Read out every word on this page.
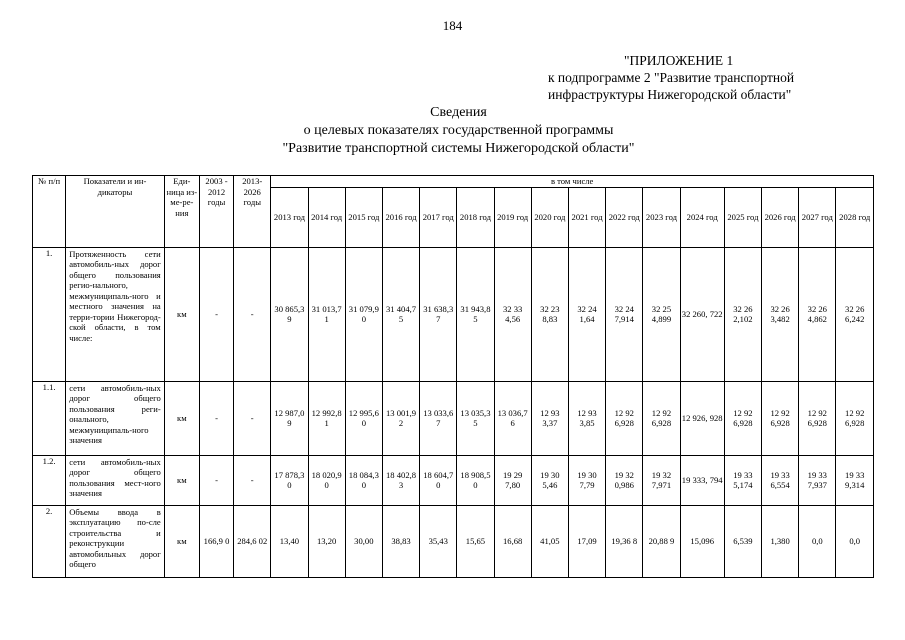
184
"ПРИЛОЖЕНИЕ 1
к подпрограмме 2 "Развитие транспортной
инфраструктуры Нижегородской области"
Сведения
о целевых показателях государственной программы
"Развитие транспортной системы Нижегородской области"
№ п/п	Показатели и ин-дикаторы	Еди-ница из-ме-ре-ния	2003 - 2012 годы	2013-2026 годы	в том числе															
					2013 год	2014 год	2015 год	2016 год	2017 год	2018 год	2019 год	2020 год	2021 год	2022 год	2023 год	2024 год	2025 год	2026 год	2027 год	2028 год
1.	Протяженность сети автомобиль-ных дорог общего пользования регио-нального, межмуниципаль-ного и местного значения на терри-тории Нижегород-ской области, в том числе:	км	-	-	30 865,3 9	31 013,7 1	31 079,9 0	31 404,7 5	31 638,3 7	31 943,8 5	32 33 4,56	32 23 8,83	32 24 1,64	32 24 7,914	32 25 4,899	32 260, 722	32 26 2,102	32 26 3,482	32 26 4,862	32 26 6,242
1.1.	сети автомобиль-ных дорог общего пользования реги-онального, межмуниципаль-ного значения	км	-	-	12 987,0 9	12 992,8 1	12 995,6 0	13 001,9 2	13 033,6 7	13 035,3 5	13 036,7 6	12 93 3,37	12 93 3,85	12 92 6,928	12 92 6,928	12 926, 928	12 92 6,928	12 92 6,928	12 92 6,928	12 92 6,928
1.2.	сети автомобиль-ных дорог общего пользования мест-ного значения	км	-	-	17 878,3 0	18 020,9 0	18 084,3 0	18 402,8 3	18 604,7 0	18 908,5 0	19 29 7,80	19 30 5,46	19 30 7,79	19 32 0,986	19 32 7,971	19 333, 794	19 33 5,174	19 33 6,554	19 33 7,937	19 33 9,314
2.	Объемы ввода в эксплуатацию по-сле строительства и реконструкции автомобильных дорог общего	км	166,9 0	284,6 02	13,40	13,20	30,00	38,83	35,43	15,65	16,68	41,05	17,09	19,36 8	20,88 9	15,096	6,539	1,380	0,0	0,0
